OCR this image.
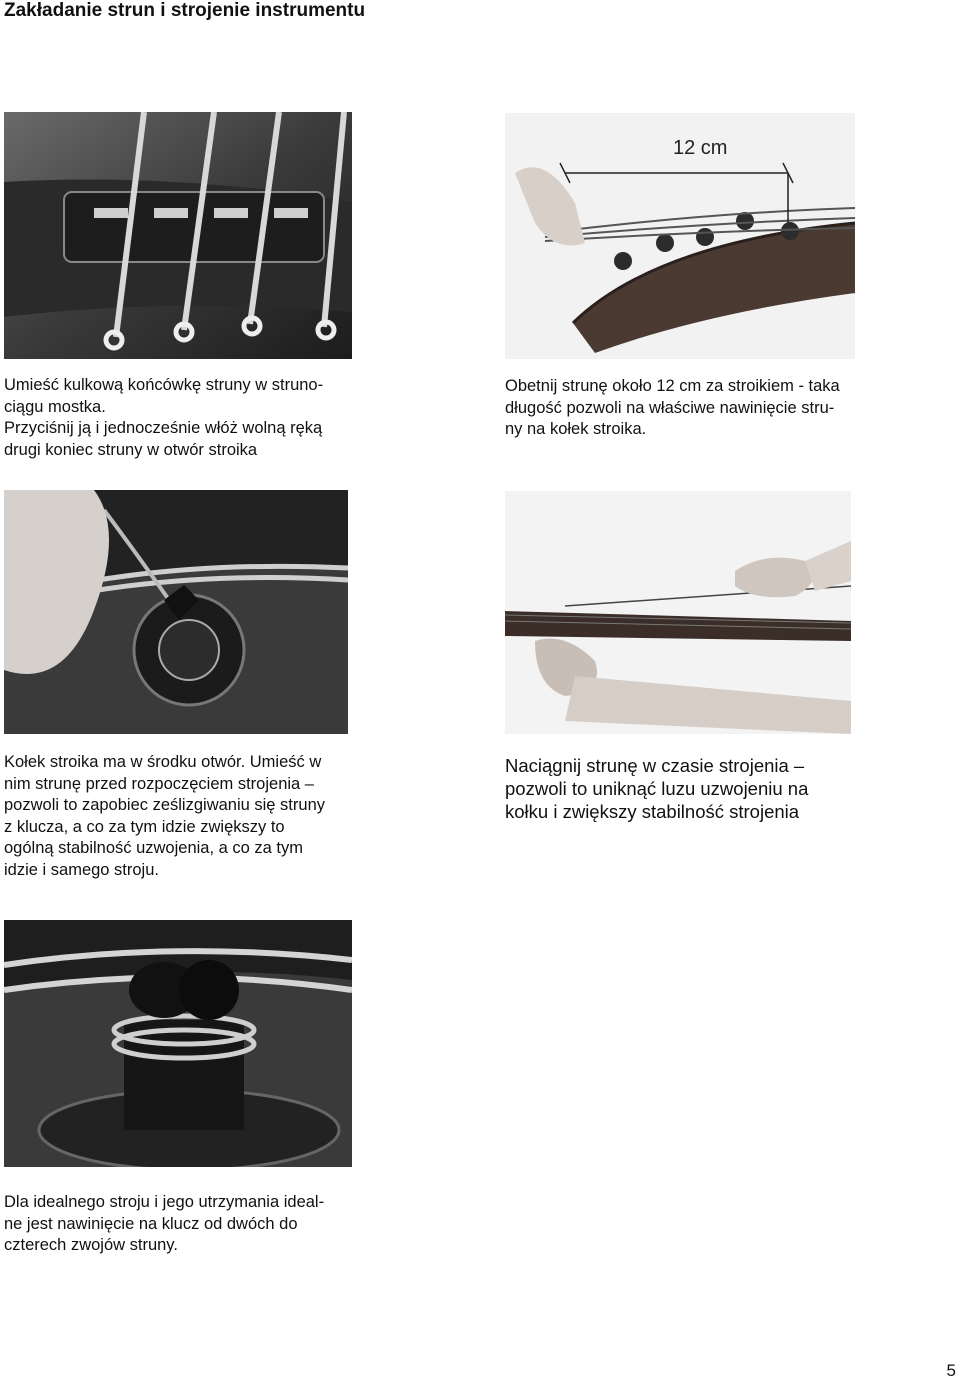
Zakładanie strun i strojenie instrumentu
12 cm

Umieść kulkową końcówkę struny w struno-

ciągu mostka.

Przyciśnij ją i jednocześnie włóż wolną ręką

drugi koniec struny w otwór stroika

Obetnij strunę około 12 cm za stroikiem - taka

długość pozwoli na właściwe nawinięcie stru-

ny na kołek stroika.

Kołek stroika ma w środku otwór. Umieść w

nim strunę przed rozpoczęciem strojenia –

pozwoli to zapobiec ześlizgiwaniu się struny

z klucza, a co za tym idzie zwiększy to

ogólną stabilność uzwojenia, a co za tym

idzie i samego stroju.

Naciągnij strunę w czasie strojenia –

pozwoli to uniknąć luzu uzwojeniu na

kołku i zwiększy stabilność strojenia

Dla idealnego stroju i jego utrzymania ideal-

ne jest nawinięcie na klucz od dwóch do

czterech zwojów struny.

5
